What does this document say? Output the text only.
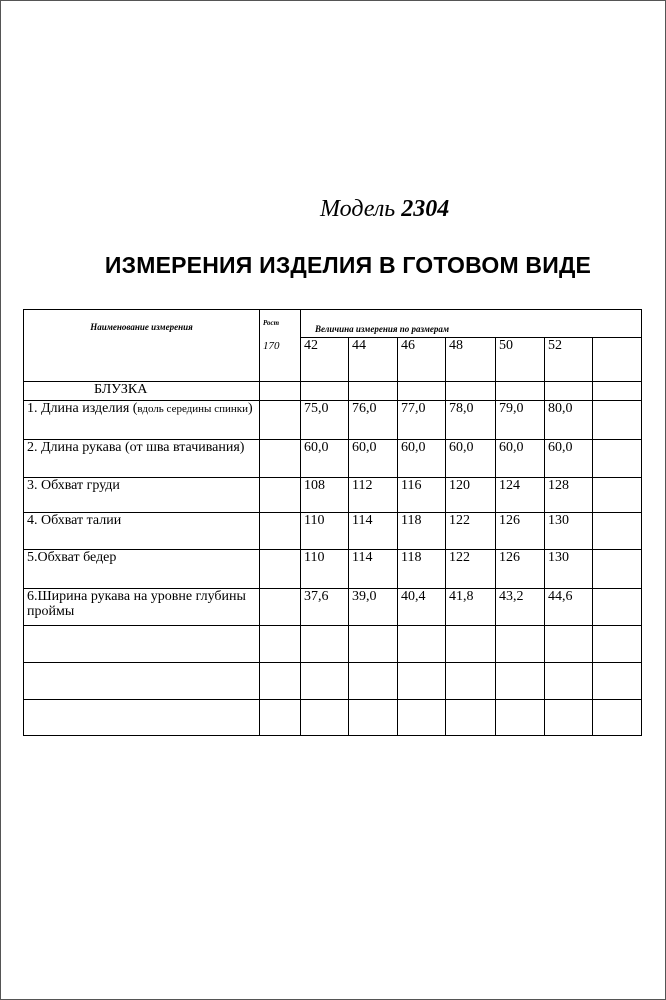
Модель 2304
ИЗМЕРЕНИЯ ИЗДЕЛИЯ В ГОТОВОМ ВИДЕ
Наименование измерения	Рост
170	Величина измерения по размерам						
		42	44	46	48	50	52	
БЛУЗКА								
1. Длина изделия (вдоль середины спинки)		75,0	76,0	77,0	78,0	79,0	80,0	
2. Длина рукава (от шва втачивания)		60,0	60,0	60,0	60,0	60,0	60,0	
3. Обхват груди		108	112	116	120	124	128	
4. Обхват талии		110	114	118	122	126	130	
5.Обхват бедер		110	114	118	122	126	130	
6.Ширина рукава на уровне глубины проймы		37,6	39,0	40,4	41,8	43,2	44,6	
